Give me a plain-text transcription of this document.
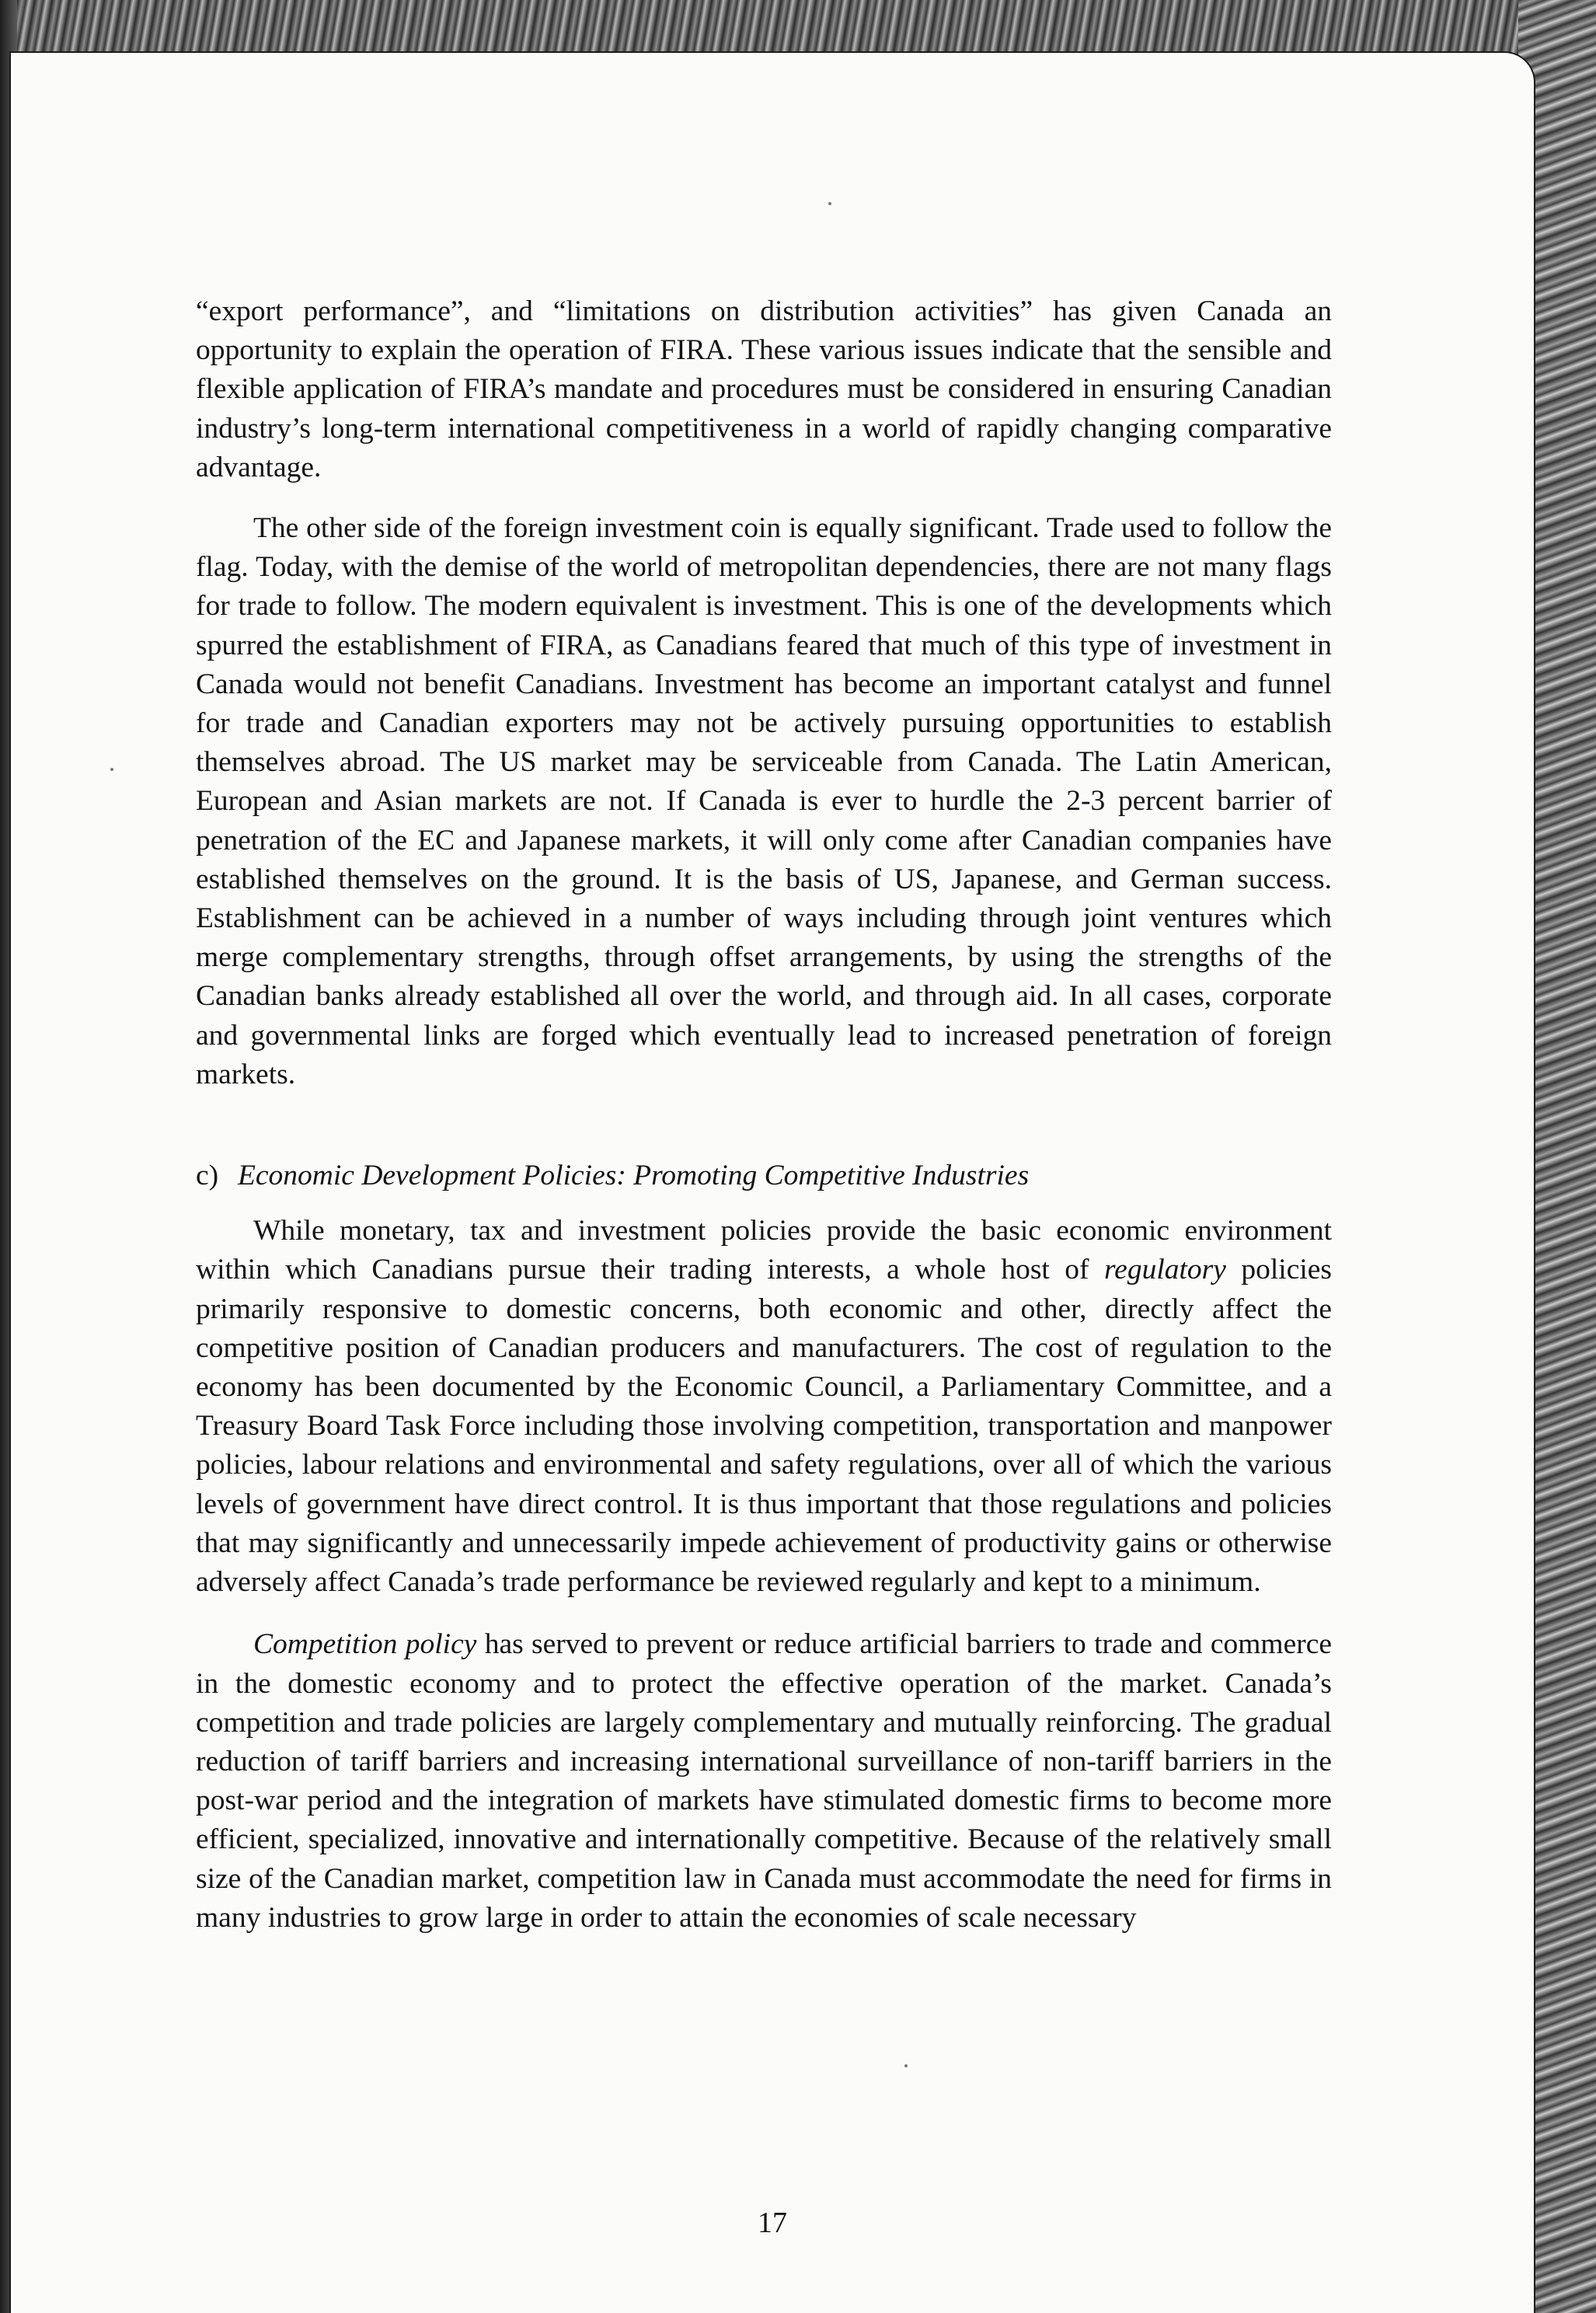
“export performance”, and “limitations on distribution activities” has given Canada an opportunity to explain the operation of FIRA. These various issues indicate that the sensible and flexible application of FIRA’s mandate and procedures must be considered in ensuring Canadian industry’s long-term international competitiveness in a world of rapidly changing comparative advantage.

The other side of the foreign investment coin is equally significant. Trade used to follow the flag. Today, with the demise of the world of metropolitan dependencies, there are not many flags for trade to follow. The modern equivalent is investment. This is one of the developments which spurred the establishment of FIRA, as Canadians feared that much of this type of investment in Canada would not benefit Canadians. Investment has become an important catalyst and funnel for trade and Canadian exporters may not be actively pursuing opportunities to establish themselves abroad. The US market may be serviceable from Canada. The Latin American, European and Asian markets are not. If Canada is ever to hurdle the 2-3 percent barrier of penetration of the EC and Japanese markets, it will only come after Canadian companies have established themselves on the ground. It is the basis of US, Japanese, and German success. Establishment can be achieved in a number of ways including through joint ventures which merge complementary strengths, through offset arrangements, by using the strengths of the Canadian banks already established all over the world, and through aid. In all cases, corporate and governmental links are forged which eventually lead to increased penetration of foreign markets.

c) Economic Development Policies: Promoting Competitive Industries

While monetary, tax and investment policies provide the basic economic environment within which Canadians pursue their trading interests, a whole host of regulatory policies primarily responsive to domestic concerns, both economic and other, directly affect the competitive position of Canadian producers and manufacturers. The cost of regulation to the economy has been documented by the Economic Council, a Parliamentary Committee, and a Treasury Board Task Force including those involving competition, transportation and manpower policies, labour relations and environmental and safety regulations, over all of which the various levels of government have direct control. It is thus important that those regulations and policies that may significantly and unnecessarily impede achievement of productivity gains or otherwise adversely affect Canada’s trade performance be reviewed regularly and kept to a minimum.

Competition policy has served to prevent or reduce artificial barriers to trade and commerce in the domestic economy and to protect the effective operation of the market. Canada’s competition and trade policies are largely complementary and mutually reinforcing. The gradual reduction of tariff barriers and increasing international surveillance of non-tariff barriers in the post-war period and the integration of markets have stimulated domestic firms to become more efficient, specialized, innovative and internationally competitive. Because of the relatively small size of the Canadian market, competition law in Canada must accommodate the need for firms in many industries to grow large in order to attain the economies of scale necessary

17
